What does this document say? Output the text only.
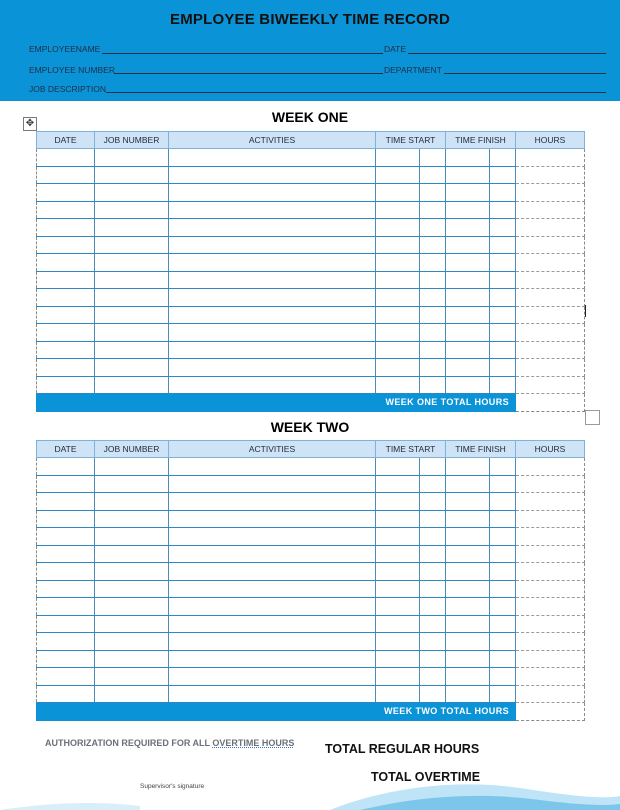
EMPLOYEE BIWEEKLY TIME RECORD
EMPLOYEENAME	DATE
EMPLOYEE NUMBER	DEPARTMENT
JOB DESCRIPTION
✥	WEEK ONE
DATE	JOB NUMBER	ACTIVITIES	TIME START		TIME FINISH		HOURS

WEEK ONE TOTAL HOURS							
WEEK TWO
DATE	JOB NUMBER	ACTIVITIES	TIME START		TIME FINISH		HOURS

WEEK TWO TOTAL HOURS							
AUTHORIZATION REQUIRED FOR ALL OVERTIME HOURS TOTAL REGULAR HOURS
TOTAL OVERTIME
Supervisor's signature
